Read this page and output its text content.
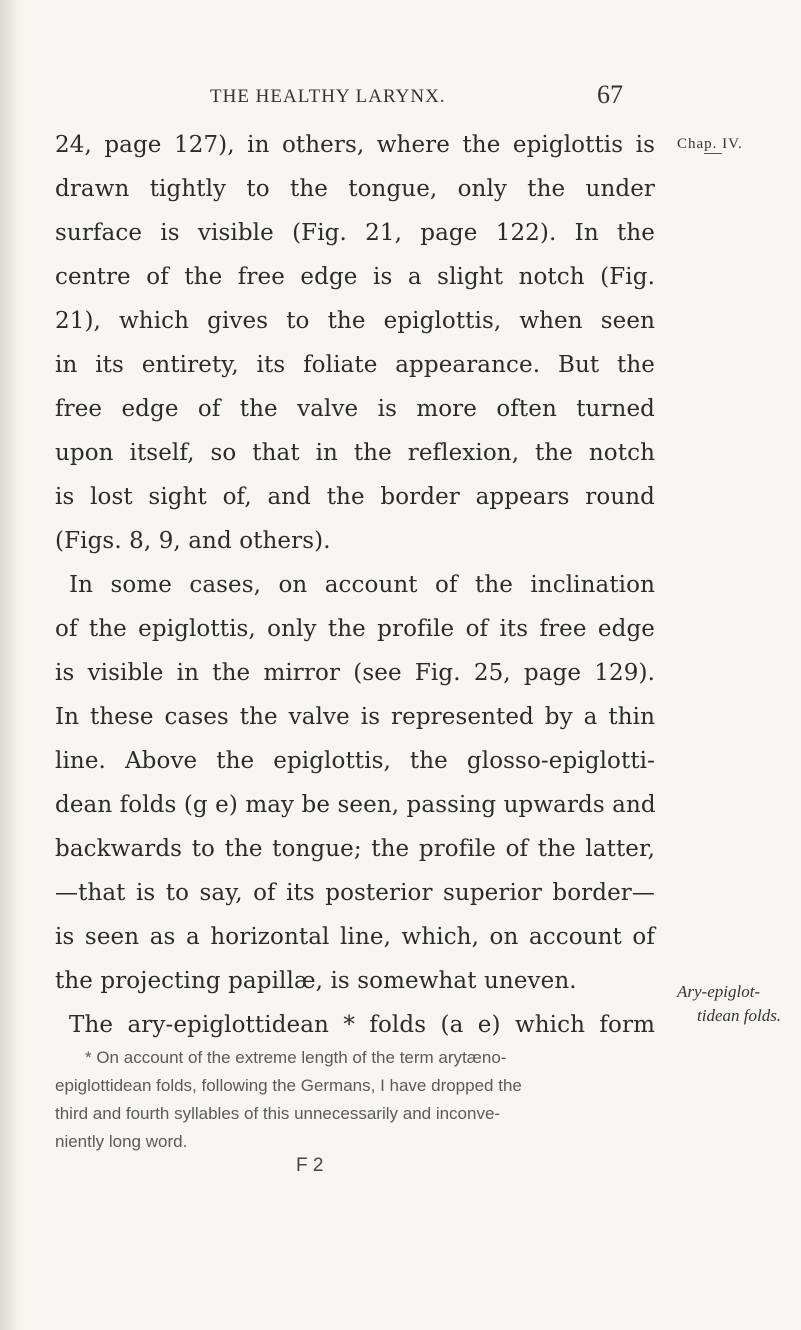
THE HEALTHY LARYNX.	67
Chap. IV.
24, page 127), in others, where the epiglottis is
drawn tightly to the tongue, only the under
surface is visible (Fig. 21, page 122). In the
centre of the free edge is a slight notch (Fig.
21), which gives to the epiglottis, when seen
in its entirety, its foliate appearance. But the
free edge of the valve is more often turned
upon itself, so that in the reflexion, the notch
is lost sight of, and the border appears round
(Figs. 8, 9, and others).
In some cases, on account of the inclination
of the epiglottis, only the profile of its free edge
is visible in the mirror (see Fig. 25, page 129).
In these cases the valve is represented by a thin
line. Above the epiglottis, the glosso-epiglotti-
dean folds (g e) may be seen, passing upwards and
backwards to the tongue; the profile of the latter,
—that is to say, of its posterior superior border—
is seen as a horizontal line, which, on account of
the projecting papillæ, is somewhat uneven.
The ary-epiglottidean * folds (a e) which form
Ary-epiglot-
tidean folds.
* On account of the extreme length of the term arytæno-
epiglottidean folds, following the Germans, I have dropped the
third and fourth syllables of this unnecessarily and inconve-
niently long word.
F 2
